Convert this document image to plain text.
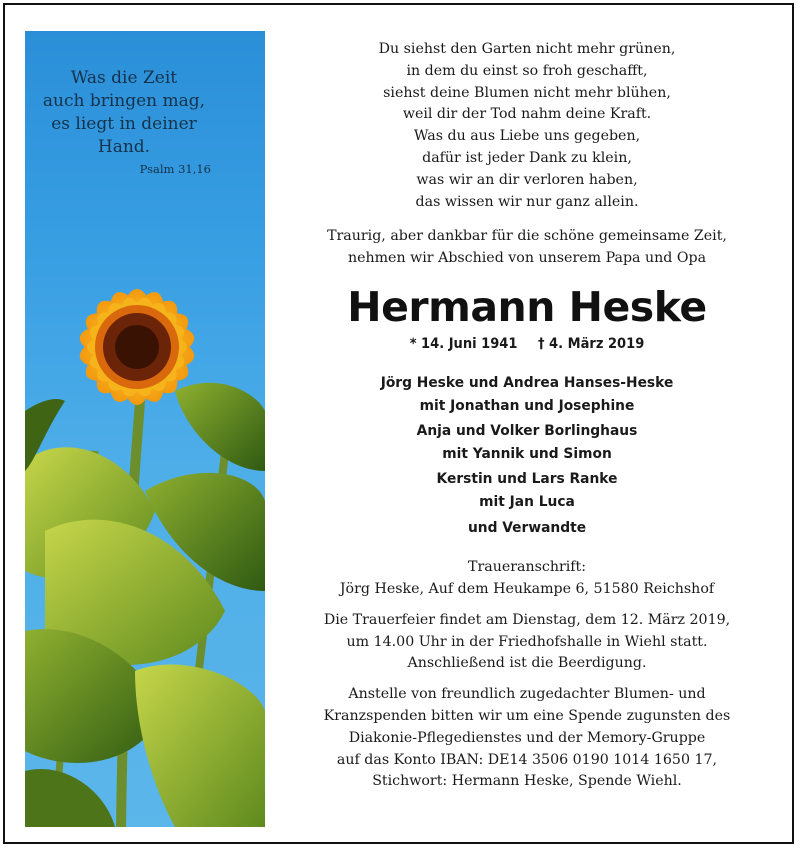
Was die Zeit
auch bringen mag,
es liegt in deiner Hand.
Psalm 31,16

Du siehst den Garten nicht mehr grünen,

in dem du einst so froh geschafft,

siehst deine Blumen nicht mehr blühen,

weil dir der Tod nahm deine Kraft.

Was du aus Liebe uns gegeben,

dafür ist jeder Dank zu klein,

was wir an dir verloren haben,

das wissen wir nur ganz allein.

Traurig, aber dankbar für die schöne gemeinsame Zeit,

nehmen wir Abschied von unserem Papa und Opa

Hermann Heske
* 14. Juni 1941 † 4. März 2019

Jörg Heske und Andrea Hanses-Heske

mit Jonathan und Josephine

Anja und Volker Borlinghaus

mit Yannik und Simon

Kerstin und Lars Ranke

mit Jan Luca

und Verwandte

Traueranschrift:

Jörg Heske, Auf dem Heukampe 6, 51580 Reichshof

Die Trauerfeier findet am Dienstag, dem 12. März 2019,

um 14.00 Uhr in der Friedhofshalle in Wiehl statt.

Anschließend ist die Beerdigung.

Anstelle von freundlich zugedachter Blumen- und

Kranzspenden bitten wir um eine Spende zugunsten des

Diakonie-Pflegedienstes und der Memory-Gruppe

auf das Konto IBAN: DE14 3506 0190 1014 1650 17,

Stichwort: Hermann Heske, Spende Wiehl.
